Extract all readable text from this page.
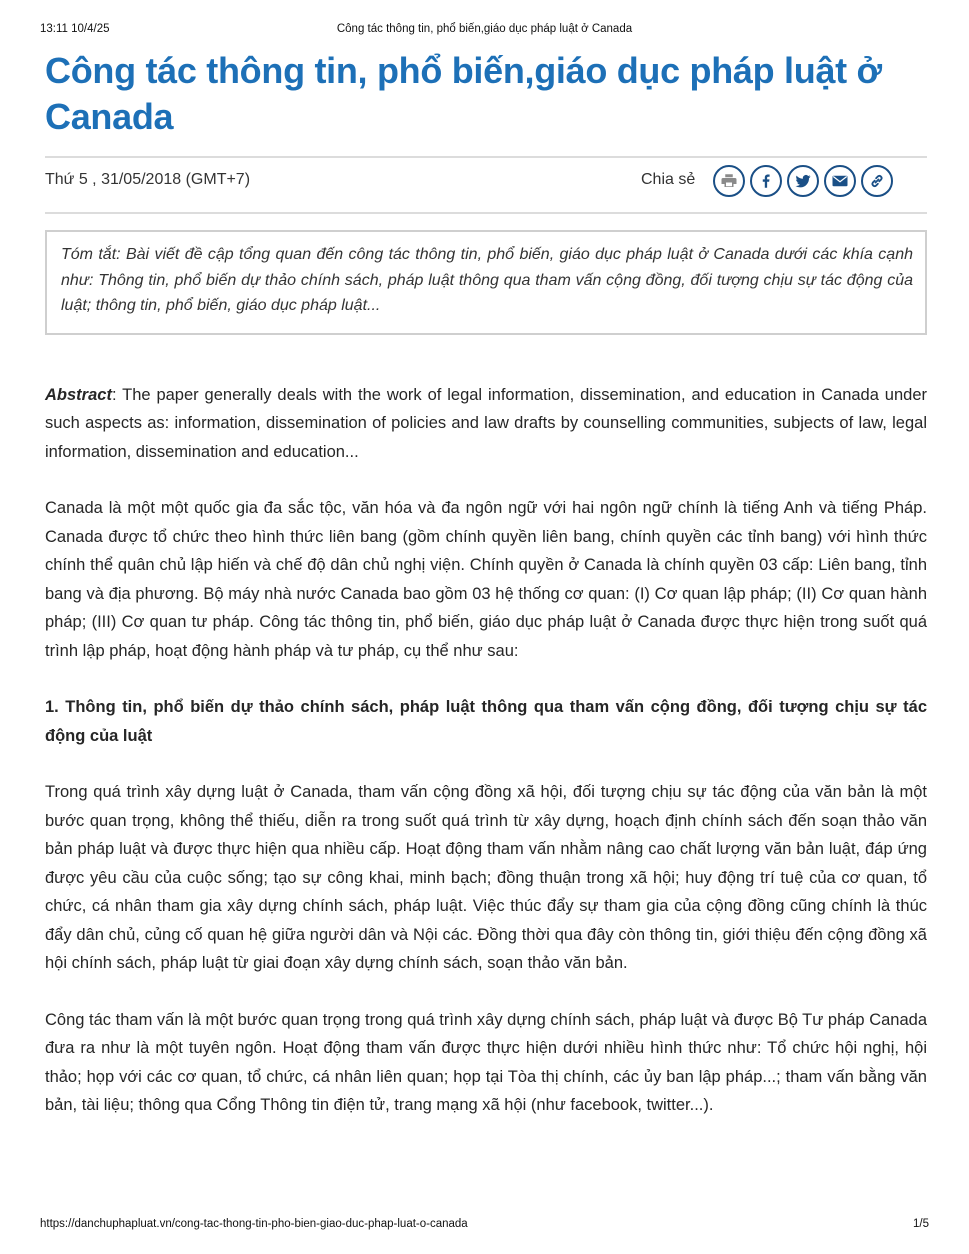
13:11 10/4/25	Công tác thông tin, phổ biến,giáo dục pháp luật ở Canada
Công tác thông tin, phổ biến,giáo dục pháp luật ở Canada
Thứ 5 , 31/05/2018 (GMT+7)	Chia sẻ
Tóm tắt: Bài viết đề cập tổng quan đến công tác thông tin, phổ biến, giáo dục pháp luật ở Canada dưới các khía cạnh như: Thông tin, phổ biến dự thảo chính sách, pháp luật thông qua tham vấn cộng đồng, đối tượng chịu sự tác động của luật; thông tin, phổ biến, giáo dục pháp luật...
Abstract: The paper generally deals with the work of legal information, dissemination, and education in Canada under such aspects as: information, dissemination of policies and law drafts by counselling communities, subjects of law, legal information, dissemination and education...
Canada là một một quốc gia đa sắc tộc, văn hóa và đa ngôn ngữ với hai ngôn ngữ chính là tiếng Anh và tiếng Pháp. Canada được tổ chức theo hình thức liên bang (gồm chính quyền liên bang, chính quyền các tỉnh bang) với hình thức chính thể quân chủ lập hiến và chế độ dân chủ nghị viện. Chính quyền ở Canada là chính quyền 03 cấp: Liên bang, tỉnh bang và địa phương. Bộ máy nhà nước Canada bao gồm 03 hệ thống cơ quan: (I) Cơ quan lập pháp; (II) Cơ quan hành pháp; (III) Cơ quan tư pháp. Công tác thông tin, phổ biến, giáo dục pháp luật ở Canada được thực hiện trong suốt quá trình lập pháp, hoạt động hành pháp và tư pháp, cụ thể như sau:
1. Thông tin, phổ biến dự thảo chính sách, pháp luật thông qua tham vấn cộng đồng, đối tượng chịu sự tác động của luật
Trong quá trình xây dựng luật ở Canada, tham vấn cộng đồng xã hội, đối tượng chịu sự tác động của văn bản là một bước quan trọng, không thể thiếu, diễn ra trong suốt quá trình từ xây dựng, hoạch định chính sách đến soạn thảo văn bản pháp luật và được thực hiện qua nhiều cấp. Hoạt động tham vấn nhằm nâng cao chất lượng văn bản luật, đáp ứng được yêu cầu của cuộc sống; tạo sự công khai, minh bạch; đồng thuận trong xã hội; huy động trí tuệ của cơ quan, tổ chức, cá nhân tham gia xây dựng chính sách, pháp luật. Việc thúc đẩy sự tham gia của cộng đồng cũng chính là thúc đẩy dân chủ, củng cố quan hệ giữa người dân và Nội các. Đồng thời qua đây còn thông tin, giới thiệu đến cộng đồng xã hội chính sách, pháp luật từ giai đoạn xây dựng chính sách, soạn thảo văn bản.
Công tác tham vấn là một bước quan trọng trong quá trình xây dựng chính sách, pháp luật và được Bộ Tư pháp Canada đưa ra như là một tuyên ngôn. Hoạt động tham vấn được thực hiện dưới nhiều hình thức như: Tổ chức hội nghị, hội thảo; họp với các cơ quan, tổ chức, cá nhân liên quan; họp tại Tòa thị chính, các ủy ban lập pháp...; tham vấn bằng văn bản, tài liệu; thông qua Cổng Thông tin điện tử, trang mạng xã hội (như facebook, twitter...).
https://danchuphapluat.vn/cong-tac-thong-tin-pho-bien-giao-duc-phap-luat-o-canada	1/5
